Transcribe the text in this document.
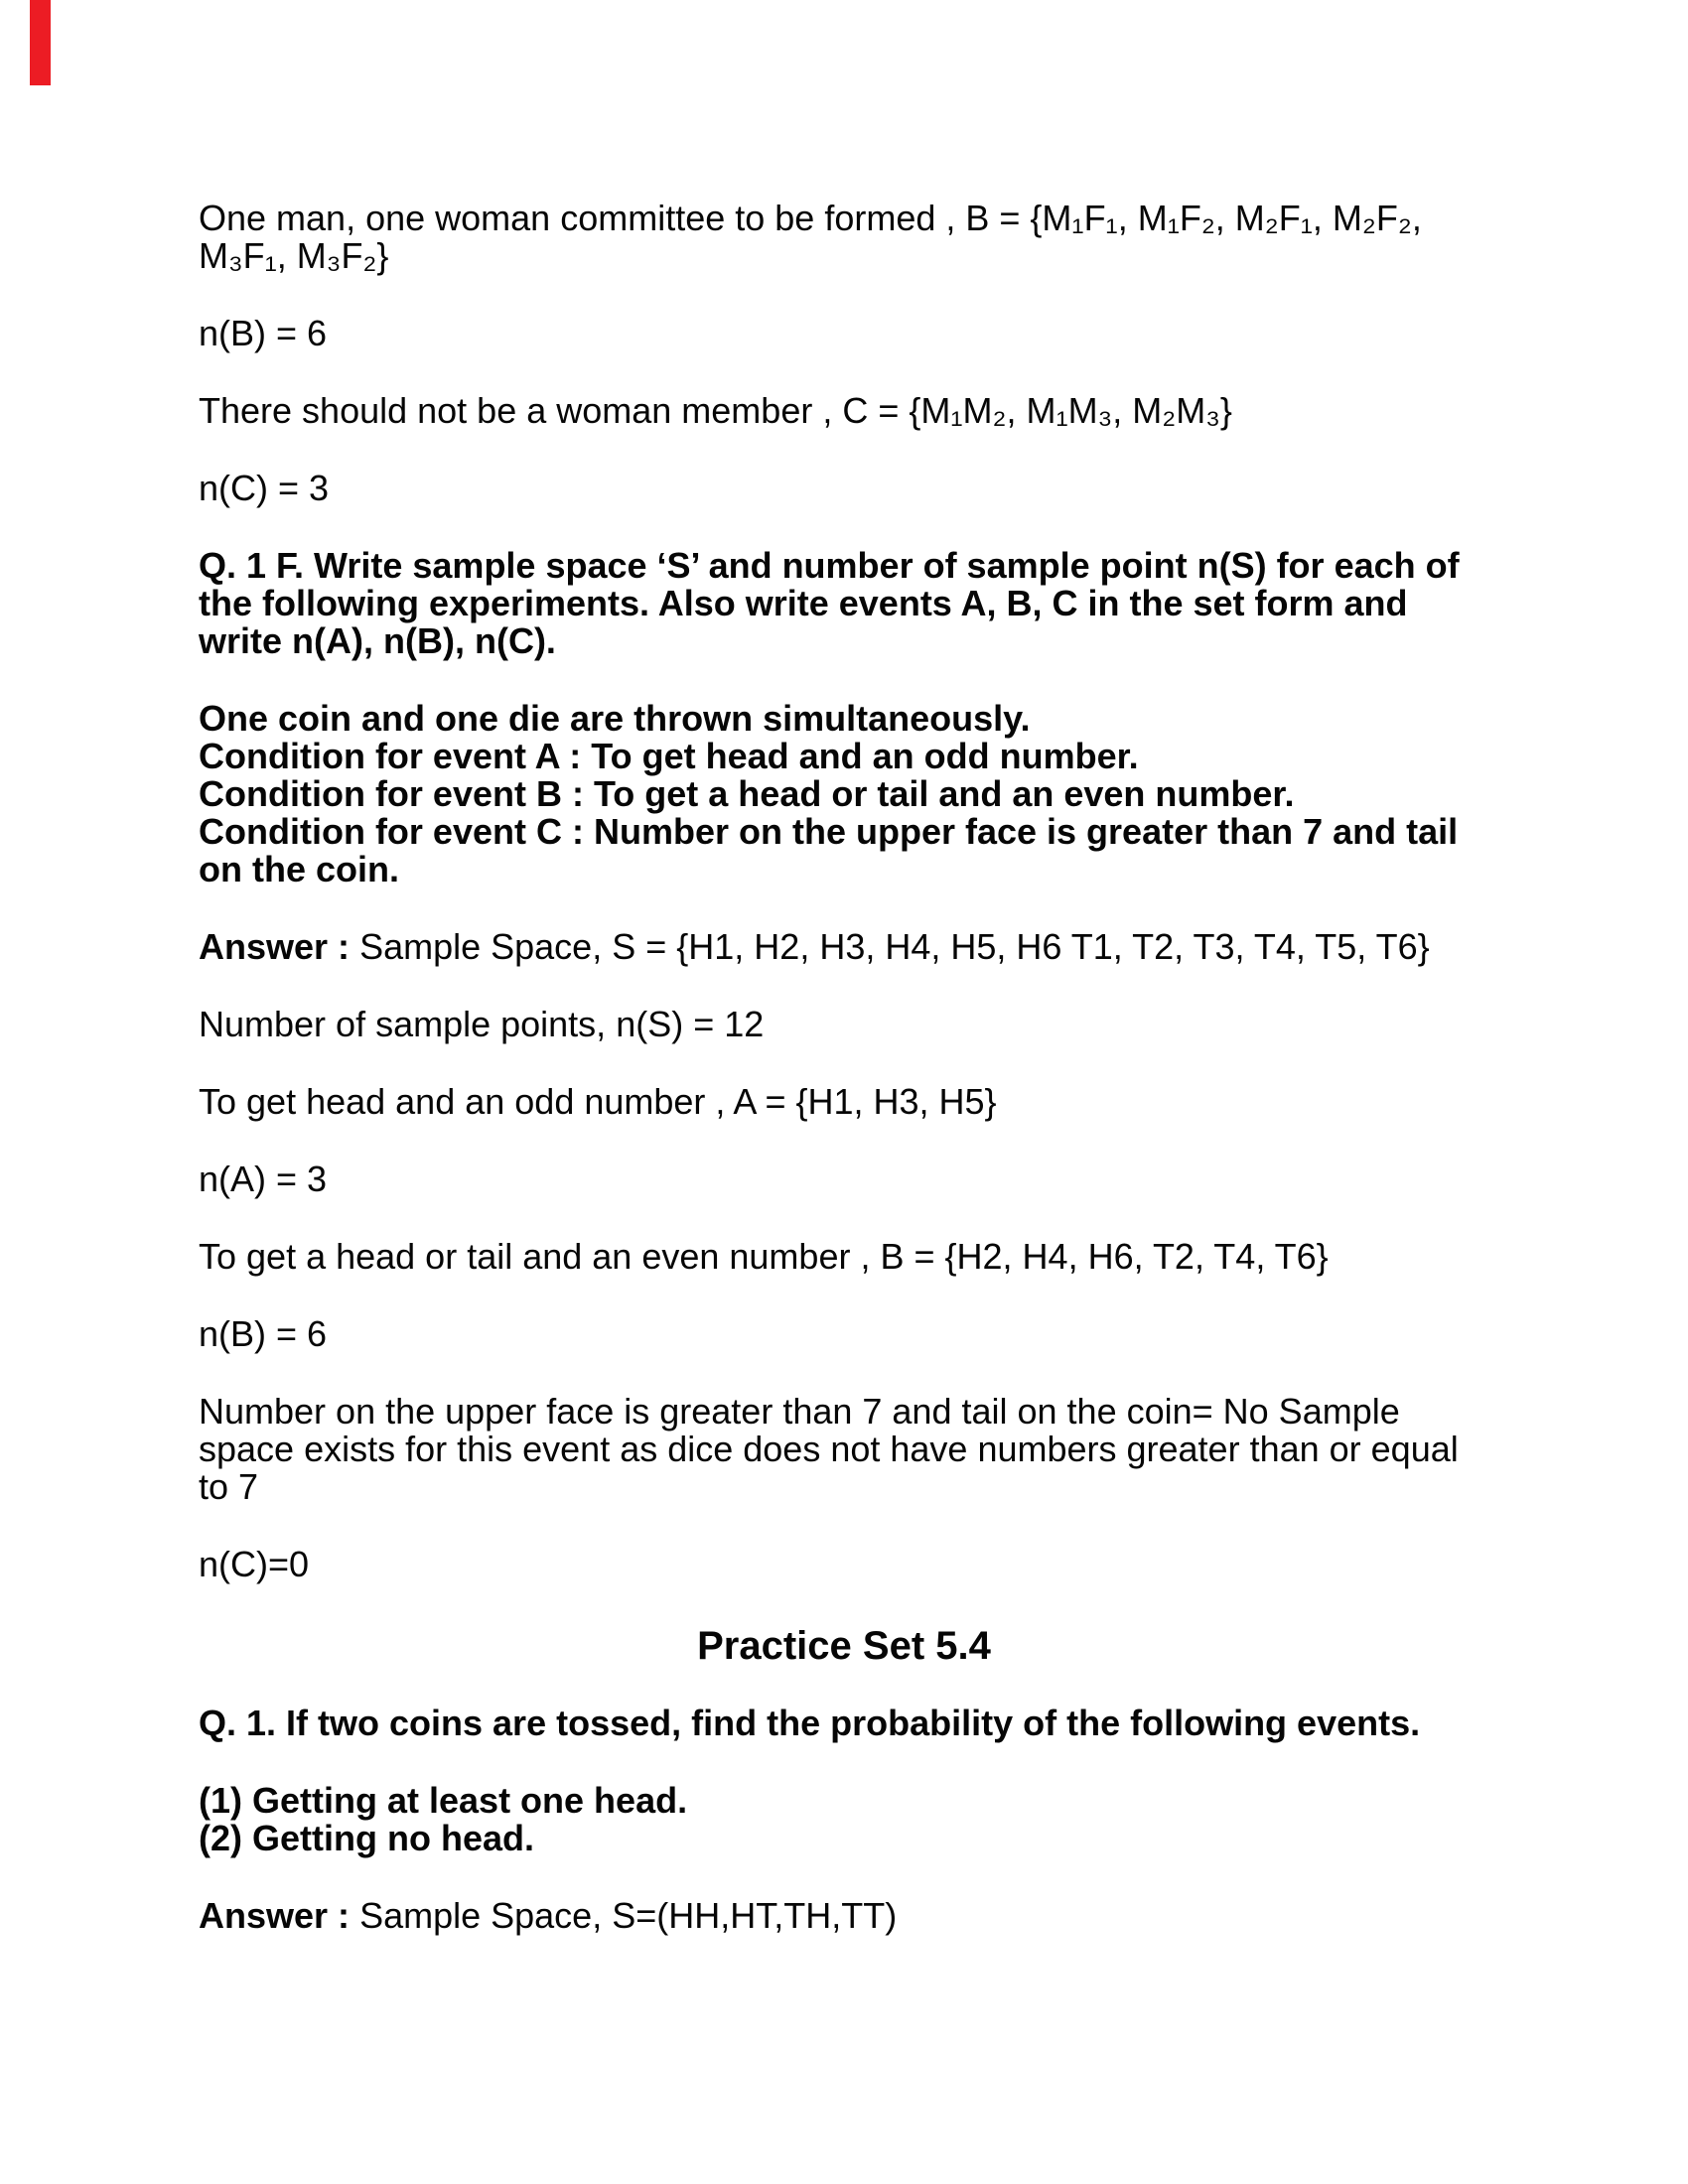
One man, one woman committee to be formed , B = {M₁F₁, M₁F₂, M₂F₁, M₂F₂, M₃F₁, M₃F₂}

n(B) = 6

There should not be a woman member , C = {M₁M₂, M₁M₃, M₂M₃}

n(C) = 3

Q. 1 F. Write sample space ‘S’ and number of sample point n(S) for each of the following experiments. Also write events A, B, C in the set form and write n(A), n(B), n(C).

One coin and one die are thrown simultaneously.
Condition for event A : To get head and an odd number.
Condition for event B : To get a head or tail and an even number.
Condition for event C : Number on the upper face is greater than 7 and tail on the coin.

Answer : Sample Space, S = {H1, H2, H3, H4, H5, H6 T1, T2, T3, T4, T5, T6}

Number of sample points, n(S) = 12

To get head and an odd number , A = {H1, H3, H5}

n(A) = 3

To get a head or tail and an even number , B = {H2, H4, H6, T2, T4, T6}

n(B) = 6

Number on the upper face is greater than 7 and tail on the coin= No Sample space exists for this event as dice does not have numbers greater than or equal to 7

n(C)=0

Practice Set 5.4

Q. 1. If two coins are tossed, find the probability of the following events.

(1) Getting at least one head.
(2) Getting no head.

Answer : Sample Space, S=(HH,HT,TH,TT)
